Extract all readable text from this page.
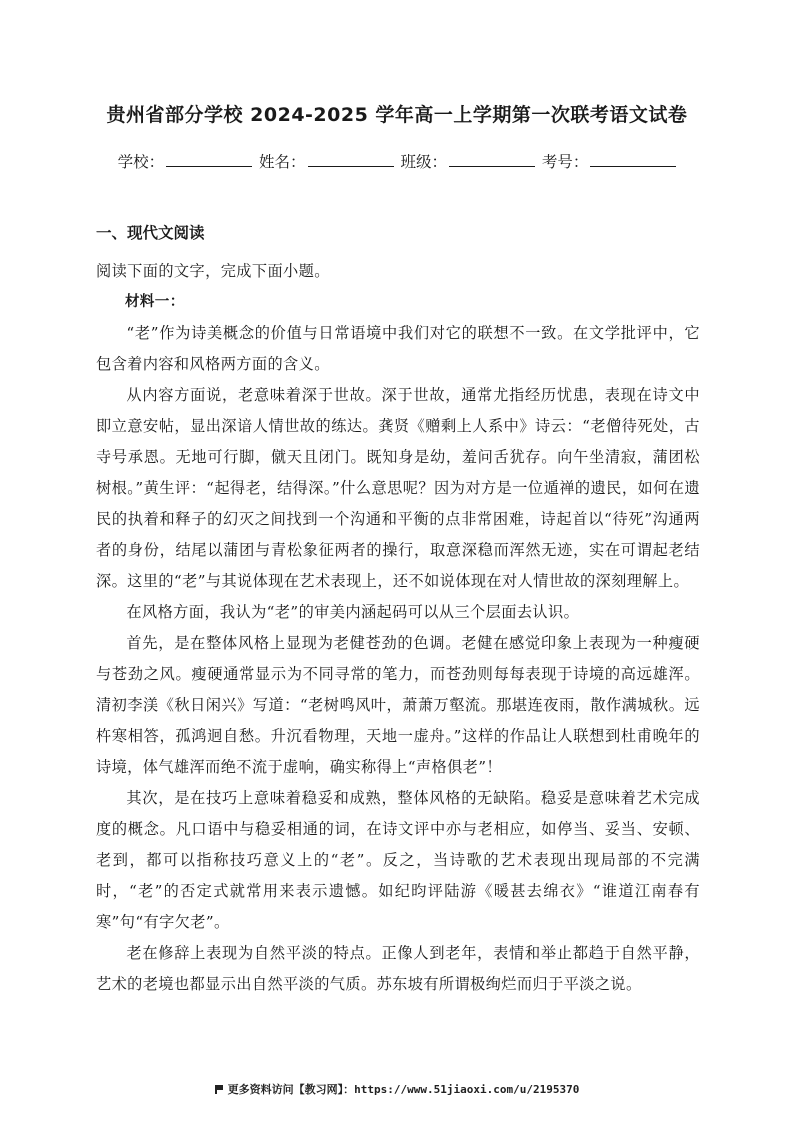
贵州省部分学校 2024-2025 学年高一上学期第一次联考语文试卷
学校：	姓名：	班级：	考号：
一、现代文阅读

阅读下面的文字，完成下面小题。

材料一：

“老”作为诗美概念的价值与日常语境中我们对它的联想不一致。在文学批评中，它包含着内容和风格两方面的含义。

从内容方面说，老意味着深于世故。深于世故，通常尤指经历忧患，表现在诗文中即立意安帖，显出深谙人情世故的练达。龚贤《赠剩上人系中》诗云：“老僧待死处，古寺号承恩。无地可行脚，僦天且闭门。既知身是幼，羞问舌犹存。向午坐清寂，蒲团松树根。”黄生评：“起得老，结得深。”什么意思呢？因为对方是一位遁禅的遗民，如何在遗民的执着和释子的幻灭之间找到一个沟通和平衡的点非常困难，诗起首以“待死”沟通两者的身份，结尾以蒲团与青松象征两者的操行，取意深稳而浑然无迹，实在可谓起老结深。这里的“老”与其说体现在艺术表现上，还不如说体现在对人情世故的深刻理解上。

在风格方面，我认为“老”的审美内涵起码可以从三个层面去认识。

首先，是在整体风格上显现为老健苍劲的色调。老健在感觉印象上表现为一种瘦硬与苍劲之风。瘦硬通常显示为不同寻常的笔力，而苍劲则每每表现于诗境的高远雄浑。清初李渼《秋日闲兴》写道：“老树鸣风叶，萧萧万壑流。那堪连夜雨，散作满城秋。远杵寒相答，孤鸿迥自愁。升沉看物理，天地一虚舟。”这样的作品让人联想到杜甫晚年的诗境，体气雄浑而绝不流于虚响，确实称得上“声格俱老”！

其次，是在技巧上意味着稳妥和成熟，整体风格的无缺陷。稳妥是意味着艺术完成度的概念。凡口语中与稳妥相通的词，在诗文评中亦与老相应，如停当、妥当、安顿、老到，都可以指称技巧意义上的“老”。反之，当诗歌的艺术表现出现局部的不完满时，“老”的否定式就常用来表示遗憾。如纪昀评陆游《暖甚去绵衣》“谁道江南春有寒”句“有字欠老”。

老在修辞上表现为自然平淡的特点。正像人到老年，表情和举止都趋于自然平静，艺术的老境也都显示出自然平淡的气质。苏东坡有所谓极绚烂而归于平淡之说。

更多资料访问【教习网】：https://www.51jiaoxi.com/u/2195370
